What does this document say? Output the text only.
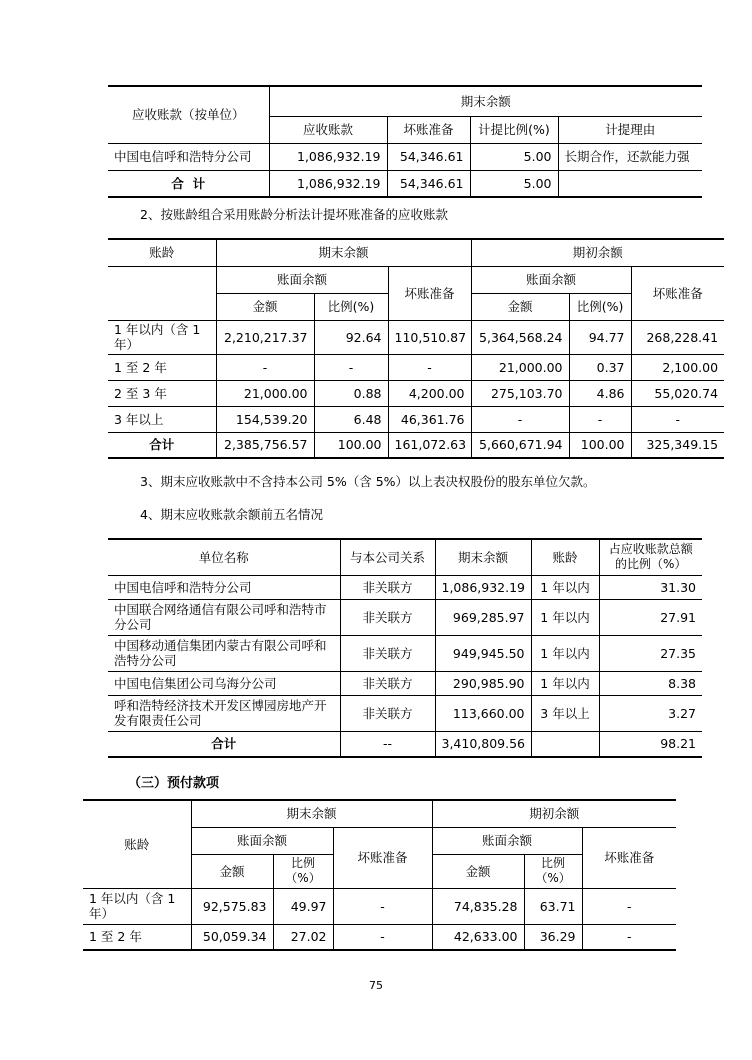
应收账款（按单位）	期末余额			
	应收账款	坏账准备	计提比例(%)	计提理由
中国电信呼和浩特分公司	1,086,932.19	54,346.61	5.00	长期合作，还款能力强
合  计	1,086,932.19	54,346.61	5.00	
2、按账龄组合采用账龄分析法计提坏账准备的应收账款
账龄	期末余额			期初余额		
	账面余额		坏账准备	账面余额		坏账准备
	金额	比例(%)		金额	比例(%)	
1 年以内（含 1 年）	2,210,217.37	92.64	110,510.87	5,364,568.24	94.77	268,228.41
1 至 2 年	-	-	-	21,000.00	0.37	2,100.00
2 至 3 年	21,000.00	0.88	4,200.00	275,103.70	4.86	55,020.74
3 年以上	154,539.20	6.48	46,361.76	-	-	-
合计	2,385,756.57	100.00	161,072.63	5,660,671.94	100.00	325,349.15
3、期末应收账款中不含持本公司 5%（含 5%）以上表决权股份的股东单位欠款。
4、期末应收账款余额前五名情况
单位名称	与本公司关系	期末余额	账龄	占应收账款总额的比例（%）
中国电信呼和浩特分公司	非关联方	1,086,932.19	1 年以内	31.30
中国联合网络通信有限公司呼和浩特市分公司	非关联方	969,285.97	1 年以内	27.91
中国移动通信集团内蒙古有限公司呼和浩特分公司	非关联方	949,945.50	1 年以内	27.35
中国电信集团公司乌海分公司	非关联方	290,985.90	1 年以内	8.38
呼和浩特经济技术开发区博园房地产开发有限责任公司	非关联方	113,660.00	3 年以上	3.27
合计	--	3,410,809.56		98.21
（三）预付款项
账龄	期末余额			期初余额		
	账面余额		坏账准备	账面余额		坏账准备
	金额	比例（%）		金额	比例（%）	
1 年以内（含 1 年）	92,575.83	49.97	-	74,835.28	63.71	-
1 至 2 年	50,059.34	27.02	-	42,633.00	36.29	-
75
